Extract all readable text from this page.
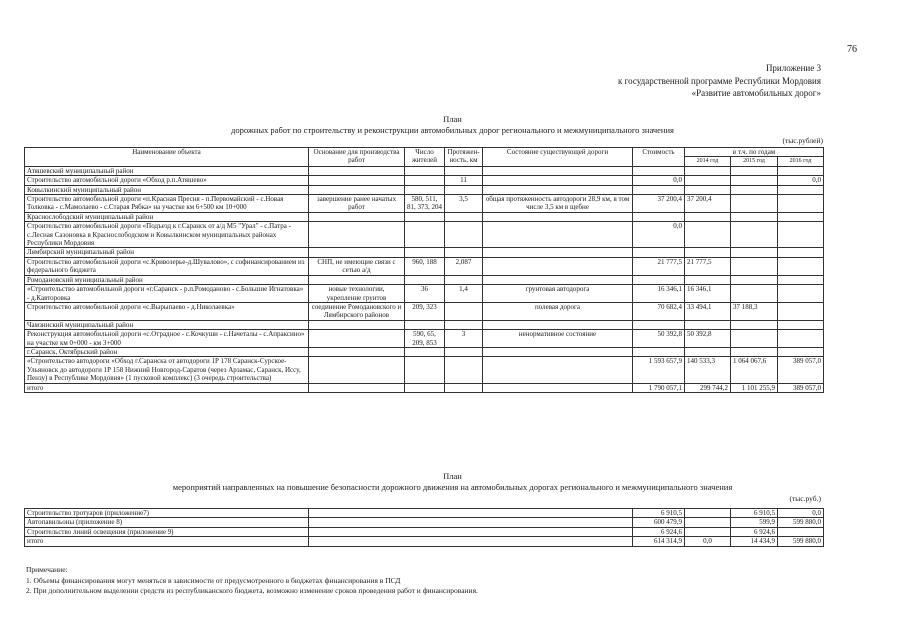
76
Приложение 3
к государственной программе Республики Мордовия
«Развитие автомобильных дорог»
План
дорожных работ по строительству и реконструкции автомобильных дорог регионального и межмуниципального значения
(тыс.рублей)
Наименование объекта	Основание для производства работ	Число жителей	Протяжен-ность, км	Состояние существующей дороги	Стоимость	в т.ч. по годам		
						2014 год	2015 год	2016 год
Атяшевский муниципальный район								
Строительство автомобильной дороги «Обход р.п.Атяшево»			11		0,0			0,0
Ковылкинский муниципальный район								
Строительство автомобильной дороги «п.Красная Пресня - п.Первомайский - с.Новая Толковка - с.Мамолаево - с.Старая Рябка» на участке км 6+500 км 10+000	завершение ранее начатых работ	580, 511, 81, 373, 204	3,5	общая протяженность автодороги 28,9 км, в том числе 3,5 км в щебне	37 200,4	37 200,4		
Краснослободский муниципальный район								
Строительство автомобильной дороги «Подъезд к г.Саранск от а/д М5 "Урал" - с.Патра - с.Лесная Сазоновка в Краснослободском и Ковылкинском муниципальных районах Республики Мордовия					0,0			
Лямбирский муниципальный район								
Строительство автомобильной дороги «с.Кривозерье-д.Шувалово», с софинансированием из федерального бюджета	СНП, не имеющие связи с сетью а/д	960, 188	2,087		21 777,5	21 777,5		
Ромодановский муниципальный район								
«Строительство автомобильной дороги «г.Саранск - р.п.Ромоданово - с.Большие Игнатовка» - д.Кавторовка	новые технологии, укрепление грунтов	36	1,4	грунтовая автодорога	16 346,1	16 346,1		
Строительство автомобильной дороги «с.Вырыпаево - д.Николаевка»	соединение Ромодановского и Лямбирского районов	209, 323		полевая дорога	70 682,4	33 494,1	37 188,3	
Чамзинский муниципальный район								
Реконструкция автомобильной дороги «с.Отрадное - с.Кочкуши - с.Начеталы - с.Апраксино» на участке км 0+000 - км 3+000		590, 65, 209, 853	3	ненормативное состояние	50 392,8	50 392,8		
г.Саранск, Октябрьский район								
«Строительство автодороги «Обход г.Саранска от автодороги 1Р 178 Саранск-Сурское-Ульяновск до автодороги 1Р 158 Нижний Новгород-Саратов (через Арзамас, Саранск, Иссу, Пензу) в Республике Мордовия» (1 пусковой комплекс) (3 очередь строительства)					1 593 657,9	140 533,3	1 064 067,6	389 057,0
итого					1 790 057,1	299 744,2	1 101 255,9	389 057,0
План
мероприятий направленных на повышение безопасности дорожного движения на автомобильных дорогах регионального и межмуниципального значения
(тыс.руб.)
Строительство тротуаров (приложение7)		6 910,5		6 910,5	0,0
Автопавильоны (приложение 8)		600 479,9		599,9	599 880,0
Строительство линий освещения (приложение 9)		6 924,6		6 924,6	
итого		614 314,9	0,0	14 434,9	599 880,0
Примечание:
1. Объемы финансирования могут меняться в зависимости от предусмотренного в бюджетах финансирования в ПСД
2. При дополнительном выделении средств из республиканского бюджета, возможно изменение сроков проведения работ и финансирования.
